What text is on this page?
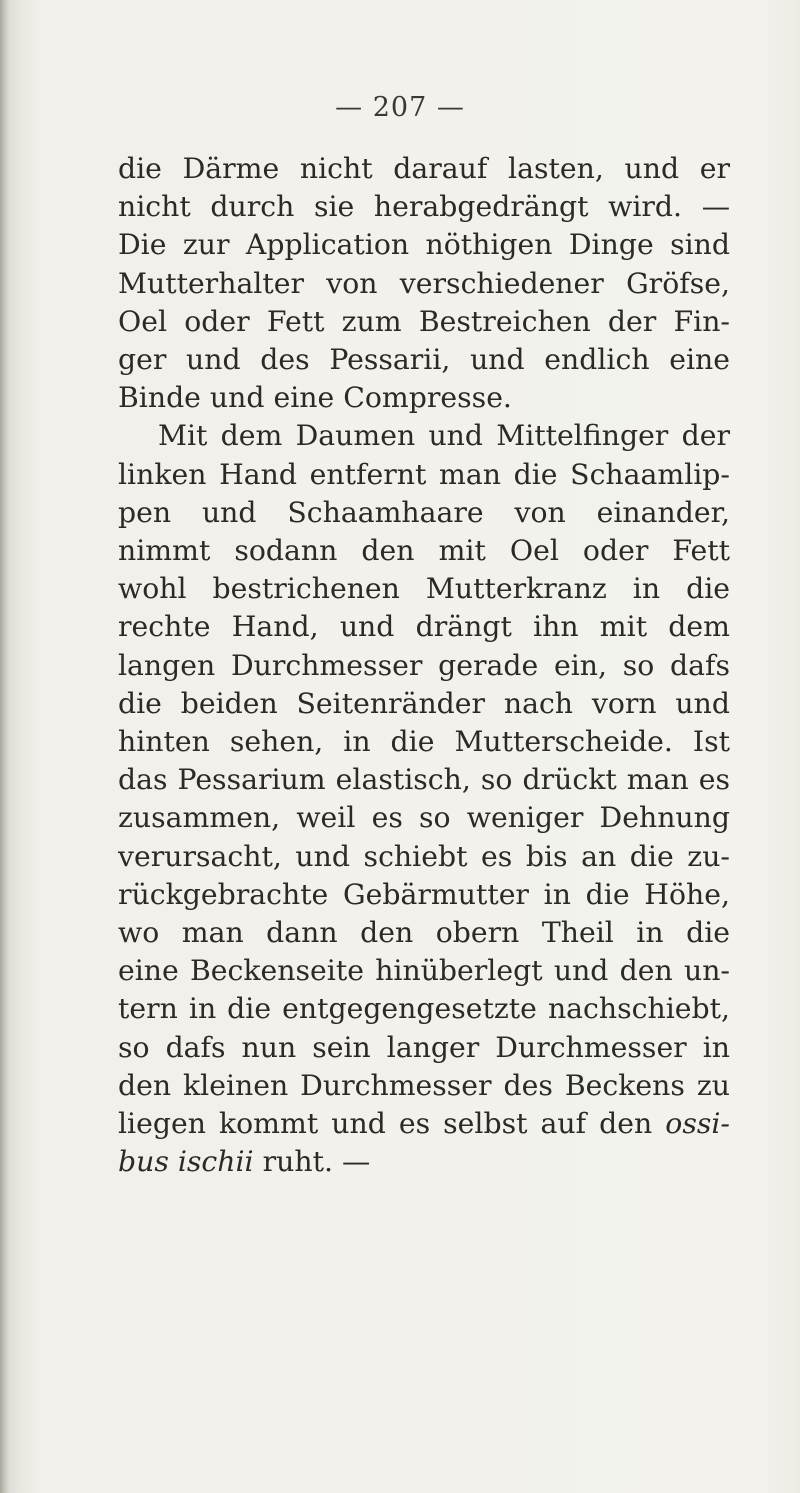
— 207 —
die Därme nicht darauf lasten, und er
nicht durch sie herabgedrängt wird. —
Die zur Application nöthigen Dinge sind
Mutterhalter von verschiedener Gröfse,
Oel oder Fett zum Bestreichen der Fin-
ger und des Pessarii, und endlich eine
Binde und eine Compresse.
Mit dem Daumen und Mittelfinger der
linken Hand entfernt man die Schaamlip-
pen und Schaamhaare von einander,
nimmt sodann den mit Oel oder Fett
wohl bestrichenen Mutterkranz in die
rechte Hand, und drängt ihn mit dem
langen Durchmesser gerade ein, so dafs
die beiden Seitenränder nach vorn und
hinten sehen, in die Mutterscheide. Ist
das Pessarium elastisch, so drückt man es
zusammen, weil es so weniger Dehnung
verursacht, und schiebt es bis an die zu-
rückgebrachte Gebärmutter in die Höhe,
wo man dann den obern Theil in die
eine Beckenseite hinüberlegt und den un-
tern in die entgegengesetzte nachschiebt,
so dafs nun sein langer Durchmesser in
den kleinen Durchmesser des Beckens zu
liegen kommt und es selbst auf den ossi-
bus ischii ruht. —
